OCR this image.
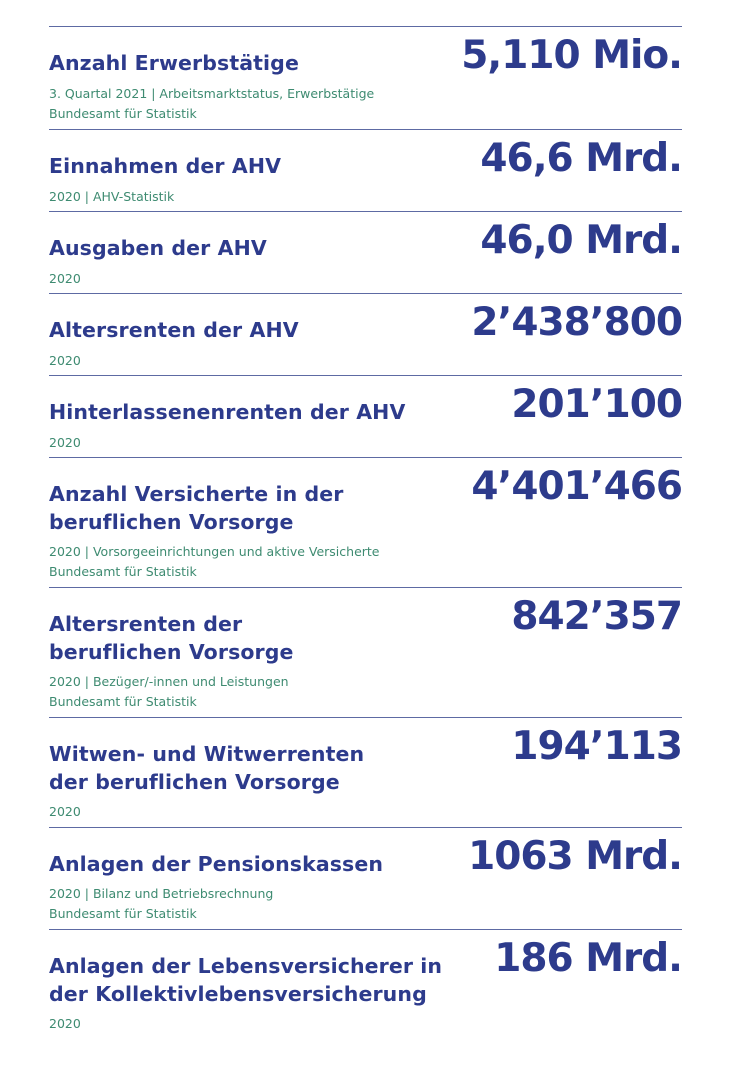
Anzahl Erwerbstätige	5,110 Mio.
3. Quartal 2021 | Arbeitsmarktstatus, Erwerbstätige
Bundesamt für Statistik
Einnahmen der AHV	46,6 Mrd.
2020 | AHV-Statistik
Ausgaben der AHV	46,0 Mrd.
2020
Altersrenten der AHV	2’438’800
2020
Hinterlassenenrenten der AHV	201’100
2020
Anzahl Versicherte in der
beruflichen Vorsorge
4’401’466
2020 | Vorsorgeeinrichtungen und aktive Versicherte
Bundesamt für Statistik
Altersrenten der
beruflichen Vorsorge
842’357
2020 | Bezüger/-innen und Leistungen
Bundesamt für Statistik
Witwen- und Witwerrenten
der beruflichen Vorsorge
194’113
2020
Anlagen der Pensionskassen	1063 Mrd.
2020 | Bilanz und Betriebsrechnung
Bundesamt für Statistik
Anlagen der Lebensversicherer in
der Kollektivlebensversicherung
186 Mrd.
2020
